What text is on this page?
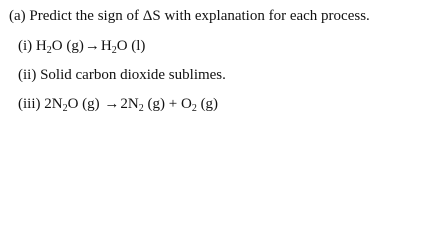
(a) Predict the sign of ΔS with explanation for each process.
(i) $H_2O$ $(g)\to H_2O$ (l)
(ii) Solid carbon dioxide sublimes.
(iii) $2N_2O$ $(g) \to 2N_2$ $(g) + O_2$ (g)
